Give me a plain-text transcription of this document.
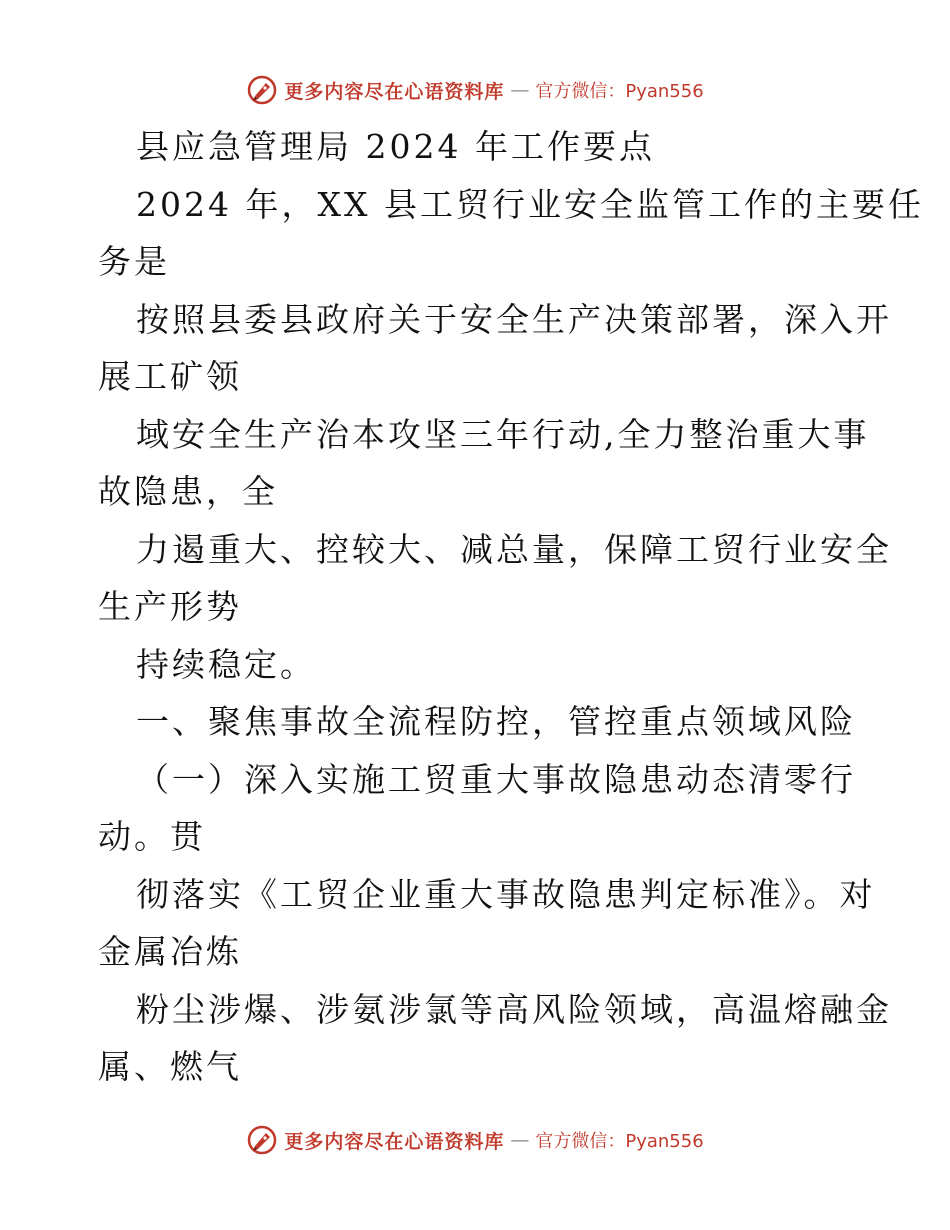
更多内容尽在心语资料库 — 官方微信：Pyan556
县应急管理局 2024 年工作要点
2024 年，XX 县工贸行业安全监管工作的主要任
务是
按照县委县政府关于安全生产决策部署，深入开
展工矿领
域安全生产治本攻坚三年行动,全力整治重大事
故隐患，全
力遏重大、控较大、减总量，保障工贸行业安全
生产形势
持续稳定。
一、聚焦事故全流程防控，管控重点领域风险
（一）深入实施工贸重大事故隐患动态清零行
动。贯
彻落实《工贸企业重大事故隐患判定标准》。对
金属冶炼
粉尘涉爆、涉氨涉氯等高风险领域，高温熔融金
属、燃气
更多内容尽在心语资料库 — 官方微信：Pyan556
